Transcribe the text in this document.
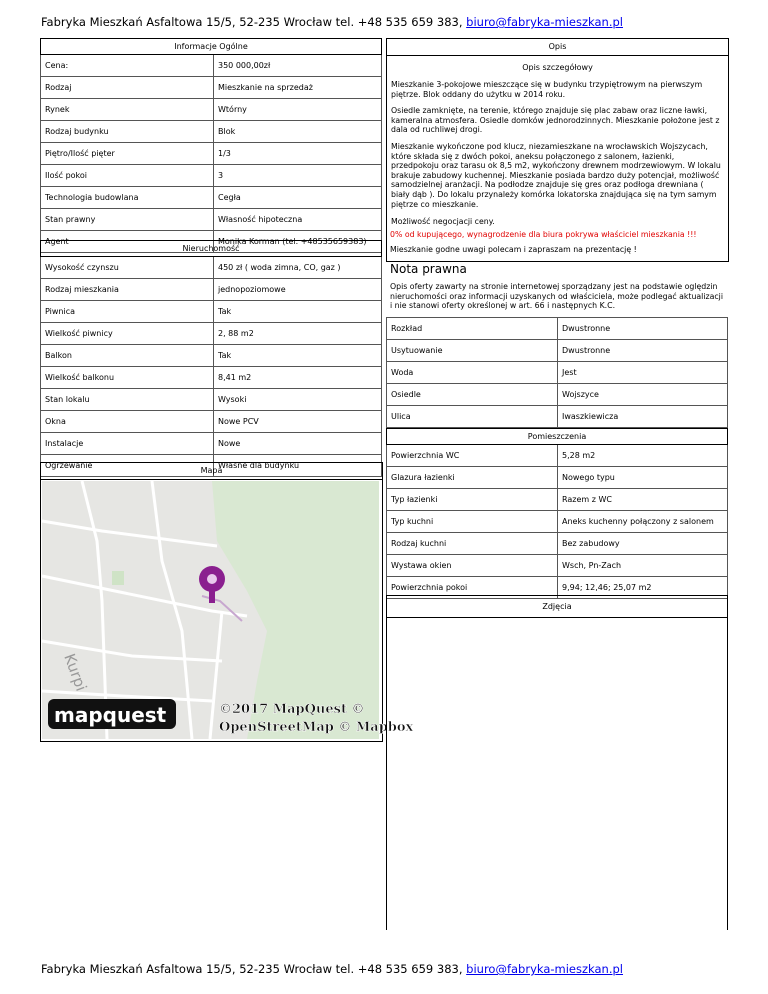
Fabryka Mieszkań Asfaltowa 15/5, 52-235 Wrocław tel. +48 535 659 383, biuro@fabryka-mieszkan.pl
Informacje Ogólne	
Cena:	350 000,00zł
Rodzaj	Mieszkanie na sprzedaż
Rynek	Wtórny
Rodzaj budynku	Blok
Piętro/Ilość pięter	1/3
Ilość pokoi	3
Technologia budowlana	Cegła
Stan prawny	Własność hipoteczna
Agent	Monika Korman (tel. +48535659383)
Nieruchomość	
Wysokość czynszu	450 zł ( woda zimna, CO, gaz )
Rodzaj mieszkania	jednopoziomowe
Piwnica	Tak
Wielkość piwnicy	2, 88 m2
Balkon	Tak
Wielkość balkonu	8,41 m2
Stan lokalu	Wysoki
Okna	Nowe PCV
Instalacje	Nowe
Ogrzewanie	Własne dla budynku
Mapa
Kurpi
mapquest	©2017 MapQuest ©
OpenStreetMap © Mapbox
Opis
Opis szczegółowy

Mieszkanie 3-pokojowe mieszczące się w budynku trzypiętrowym na pierwszym piętrze. Blok oddany do użytku w 2014 roku.

Osiedle zamknięte, na terenie, którego znajduje się plac zabaw oraz liczne ławki, kameralna atmosfera. Osiedle domków jednorodzinnych. Mieszkanie położone jest z dala od ruchliwej drogi.

Mieszkanie wykończone pod klucz, niezamieszkane na wrocławskich Wojszycach, które składa się z dwóch pokoi, aneksu połączonego z salonem, łazienki, przedpokoju oraz tarasu ok 8,5 m2, wykończony drewnem modrzewiowym. W lokalu brakuje zabudowy kuchennej. Mieszkanie posiada bardzo duży potencjał, możliwość samodzielnej aranżacji. Na podłodze znajduje się gres oraz podłoga drewniana ( biały dąb ). Do lokalu przynależy komórka lokatorska znajdująca się na tym samym piętrze co mieszkanie.

Możliwość negocjacji ceny.

0% od kupującego, wynagrodzenie dla biura pokrywa właściciel mieszkania !!!
Mieszkanie godne uwagi polecam i zapraszam na prezentację !
Nota prawna
Opis oferty zawarty na stronie internetowej sporządzany jest na podstawie oględzin nieruchomości oraz informacji uzyskanych od właściciela, może podlegać aktualizacji i nie stanowi oferty określonej w art. 66 i następnych K.C.
Rozkład	Dwustronne
Usytuowanie	Dwustronne
Woda	Jest
Osiedle	Wojszyce
Ulica	Iwaszkiewicza
Pomieszczenia	
Powierzchnia WC	5,28 m2
Glazura łazienki	Nowego typu
Typ łazienki	Razem z WC
Typ kuchni	Aneks kuchenny połączony z salonem
Rodzaj kuchni	Bez zabudowy
Wystawa okien	Wsch, Pn-Zach
Powierzchnia pokoi	9,94; 12,46; 25,07 m2
Zdjęcia
Fabryka Mieszkań Asfaltowa 15/5, 52-235 Wrocław tel. +48 535 659 383, biuro@fabryka-mieszkan.pl
